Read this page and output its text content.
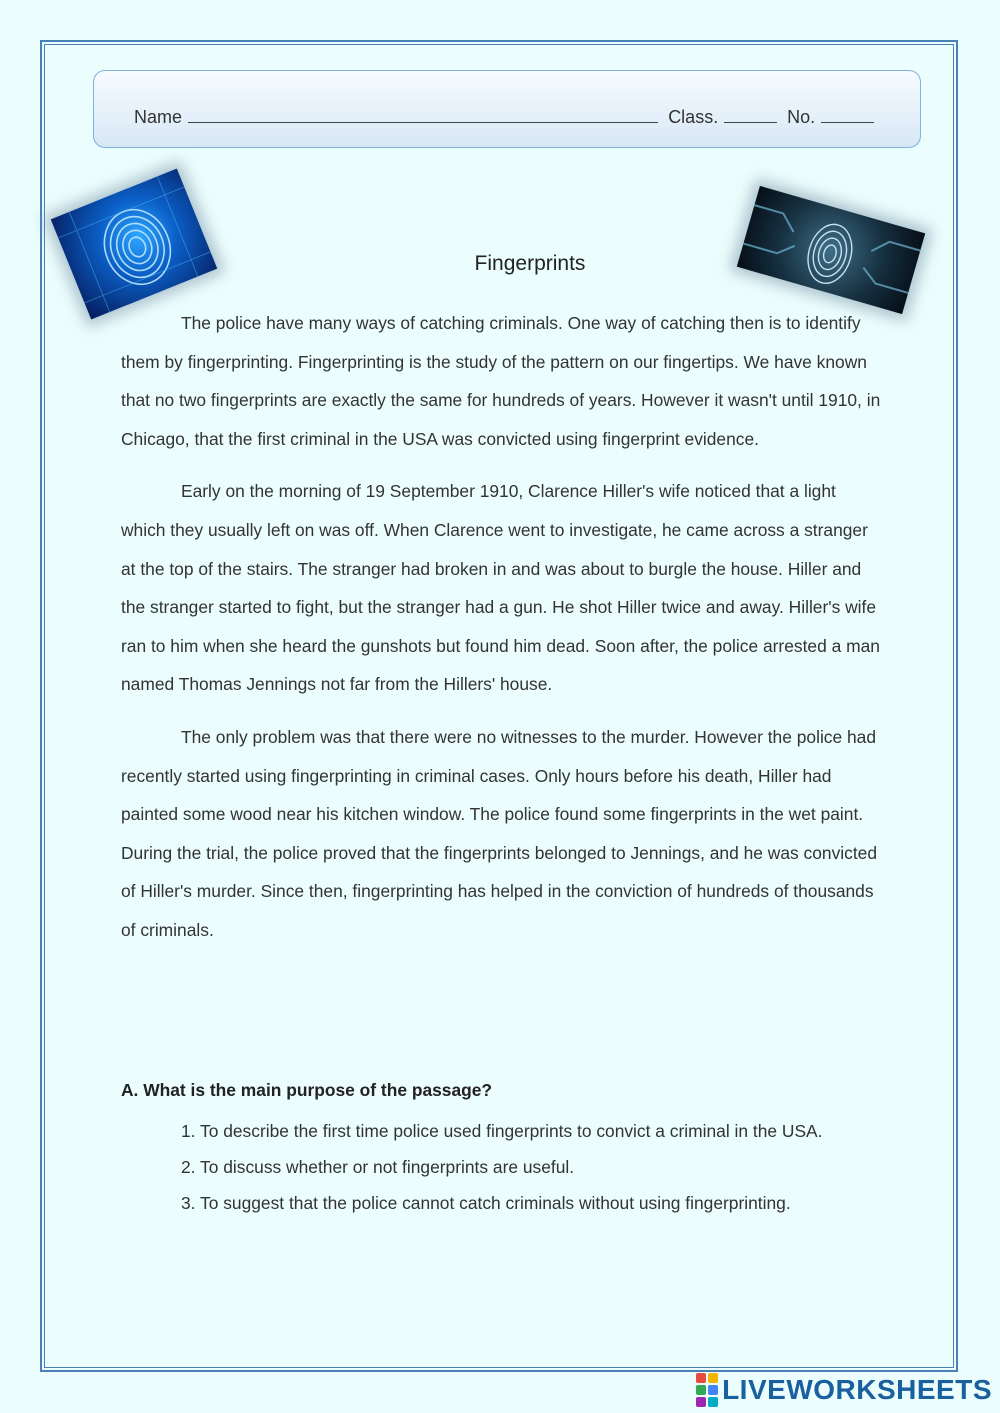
Name	Class.	No.
Fingerprints

The police have many ways of catching criminals. One way of catching then is to identify them by fingerprinting. Fingerprinting is the study of the pattern on our fingertips. We have known that no two fingerprints are exactly the same for hundreds of years. However it wasn't until 1910, in Chicago, that the first criminal in the USA was convicted using fingerprint evidence.

Early on the morning of 19 September 1910, Clarence Hiller's wife noticed that a light which they usually left on was off. When Clarence went to investigate, he came across a stranger at the top of the stairs. The stranger had broken in and was about to burgle the house. Hiller and the stranger started to fight, but the stranger had a gun. He shot Hiller twice and away. Hiller's wife ran to him when she heard the gunshots but found him dead. Soon after, the police arrested a man named Thomas Jennings not far from the Hillers' house.

The only problem was that there were no witnesses to the murder. However the police had recently started using fingerprinting in criminal cases. Only hours before his death, Hiller had painted some wood near his kitchen window. The police found some fingerprints in the wet paint. During the trial, the police proved that the fingerprints belonged to Jennings, and he was convicted of Hiller's murder. Since then, fingerprinting has helped in the conviction of hundreds of thousands of criminals.

A. What is the main purpose of the passage?
1. To describe the first time police used fingerprints to convict a criminal in the USA.
2. To discuss whether or not fingerprints are useful.
3. To suggest that the police cannot catch criminals without using fingerprinting.
LIVEWORKSHEETS
